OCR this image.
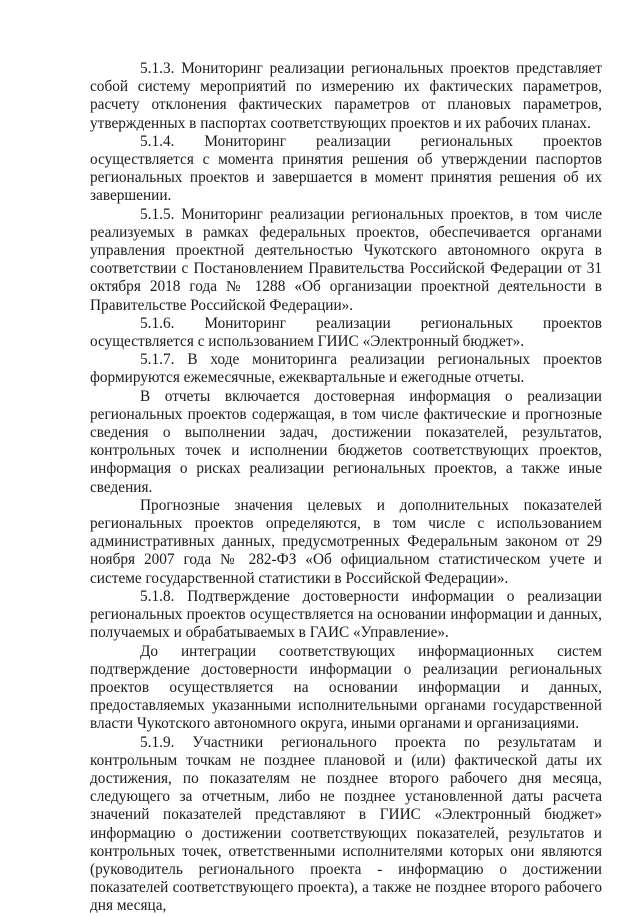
5.1.3. Мониторинг реализации региональных проектов представляет собой систему мероприятий по измерению их фактических параметров, расчету отклонения фактических параметров от плановых параметров, утвержденных в паспортах соответствующих проектов и их рабочих планах.

5.1.4. Мониторинг реализации региональных проектов осуществляется с момента принятия решения об утверждении паспортов региональных проектов и завершается в момент принятия решения об их завершении.

5.1.5. Мониторинг реализации региональных проектов, в том числе реализуемых в рамках федеральных проектов, обеспечивается органами управления проектной деятельностью Чукотского автономного округа в соответствии с Постановлением Правительства Российской Федерации от 31 октября 2018 года № 1288 «Об организации проектной деятельности в Правительстве Российской Федерации».

5.1.6. Мониторинг реализации региональных проектов осуществляется с использованием ГИИС «Электронный бюджет».

5.1.7. В ходе мониторинга реализации региональных проектов формируются ежемесячные, ежеквартальные и ежегодные отчеты.

В отчеты включается достоверная информация о реализации региональных проектов содержащая, в том числе фактические и прогнозные сведения о выполнении задач, достижении показателей, результатов, контрольных точек и исполнении бюджетов соответствующих проектов, информация о рисках реализации региональных проектов, а также иные сведения.

Прогнозные значения целевых и дополнительных показателей региональных проектов определяются, в том числе с использованием административных данных, предусмотренных Федеральным законом от 29 ноября 2007 года № 282-ФЗ «Об официальном статистическом учете и системе государственной статистики в Российской Федерации».

5.1.8. Подтверждение достоверности информации о реализации региональных проектов осуществляется на основании информации и данных, получаемых и обрабатываемых в ГАИС «Управление».

До интеграции соответствующих информационных систем подтверждение достоверности информации о реализации региональных проектов осуществляется на основании информации и данных, предоставляемых указанными исполнительными органами государственной власти Чукотского автономного округа, иными органами и организациями.

5.1.9. Участники регионального проекта по результатам и контрольным точкам не позднее плановой и (или) фактической даты их достижения, по показателям не позднее второго рабочего дня месяца, следующего за отчетным, либо не позднее установленной даты расчета значений показателей представляют в ГИИС «Электронный бюджет» информацию о достижении соответствующих показателей, результатов и контрольных точек, ответственными исполнителями которых они являются (руководитель регионального проекта - информацию о достижении показателей соответствующего проекта), а также не позднее второго рабочего дня месяца,
